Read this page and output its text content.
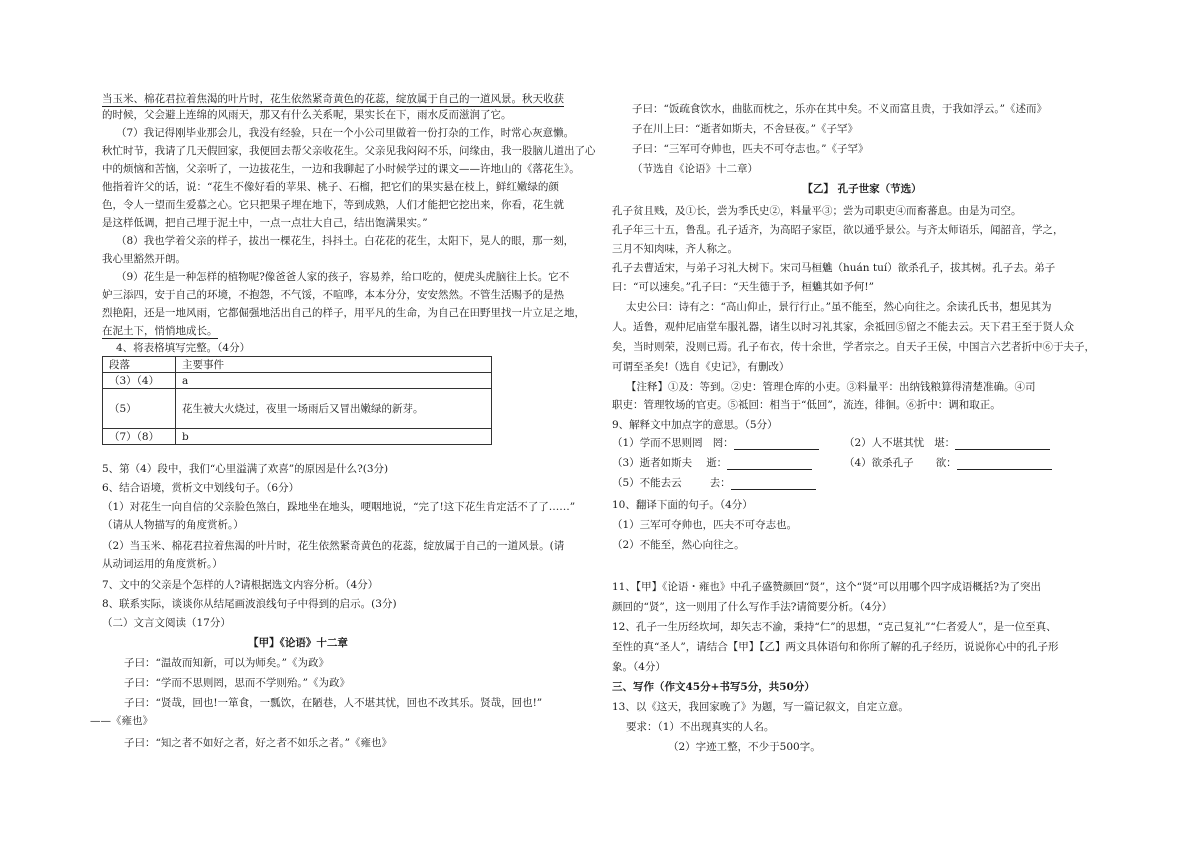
当玉米、棉花君拉着焦渴的叶片时，花生依然紧奇黄色的花蕊，绽放属于自己的一道风景。秋天收获
的时候，父会避上连绵的风雨天，那又有什么关系呢，果实长在下，雨水反而滋润了它。
（7）我记得刚毕业那会儿，我没有经验，只在一个小公司里做着一份打杂的工作，时常心灰意懒。
秋忙时节，我请了几天假回家，我便回去帮父亲收花生。父亲见我闷闷不乐，问缘由，我一股脑儿道出了心
中的烦恼和苦恼，父亲听了，一边拔花生，一边和我聊起了小时候学过的课文——许地山的《落花生》。
他指着许父的话，说：“花生不像好看的苹果、桃子、石榴，把它们的果实悬在枝上，鲜红嫩绿的颜
色，令人一望而生爱慕之心。它只把果子埋在地下，等到成熟，人们才能把它挖出来，你看，花生就
是这样低调，把自己埋于泥土中，一点一点壮大自己，结出饱满果实。”
（8）我也学着父亲的样子，拔出一棵花生，抖抖土。白花花的花生，太阳下，晃人的眼，那一刻，
我心里豁然开朗。
（9）花生是一种怎样的植物呢?像爸爸人家的孩子，容易养，给口吃的，便虎头虎脑往上长。它不
妒三添四，安于自己的环境，不抱怨，不气馁，不喧哗，本本分分，安安然然。不管生活赐予的是热
烈艳阳，还是一地风雨，它都倔强地活出自己的样子，用平凡的生命，为自己在田野里找一片立足之地，
在泥土下，悄悄地成长。
4、将表格填写完整。（4分）
段落	主要事件
（3）（4）	a
（5）	花生被大火烧过，夜里一场雨后又冒出嫩绿的新芽。
（7）（8）	b
5、第（4）段中，我们“心里溢满了欢喜”的原因是什么?(3分)
6、结合语境，赏析文中划线句子。（6分）
（1）对花生一向自信的父亲脸色煞白，跺地坐在地头，哽咽地说，“完了!这下花生肯定活不了了……”
（请从人物描写的角度赏析。）
（2）当玉米、棉花君拉着焦渴的叶片时，花生依然紧奇黄色的花蕊，绽放属于自己的一道风景。(请
从动词运用的角度赏析。）
7、文中的父亲是个怎样的人?请根据选文内容分析。（4分）
8、联系实际，谈谈你从结尾画波浪线句子中得到的启示。(3分)
（二）文言文阅读（17分）
【甲】《论语》十二章
子曰：“温故而知新，可以为师矣。”《为政》
子曰：“学而不思则罔，思而不学则殆。”《为政》
子曰：“贤哉，回也!一箪食，一瓢饮，在陋巷，人不堪其忧，回也不改其乐。贤哉，回也!”
——《雍也》
子曰：“知之者不如好之者，好之者不如乐之者。”《雍也》
子曰：“饭疏食饮水，曲肱而枕之，乐亦在其中矣。不义而富且贵，于我如浮云。”《述而》
子在川上曰：“逝者如斯夫，不舍昼夜。”《子罕》
子曰：“三军可夺帅也，匹夫不可夺志也。”《子罕》
（节选自《论语》十二章）
【乙】 孔子世家（节选）
孔子贫且贱，及①长，尝为季氏史②，料量平③；尝为司职吏④而畜蕃息。由是为司空。
孔子年三十五，鲁乱。孔子适齐，为高昭子家臣，欲以通乎景公。与齐太师语乐，闻韶音，学之，
三月不知肉味，齐人称之。
孔子去曹适宋，与弟子习礼大树下。宋司马桓魋（huán tuí）欲杀孔子，拔其树。孔子去。弟子
曰：“可以速矣。”孔子曰：“天生德于予，桓魋其如予何!”
太史公曰：诗有之：“高山仰止，景行行止。”虽不能至，然心向往之。余读孔氏书，想见其为
人。适鲁，观仲尼庙堂车服礼器，诸生以时习礼其家，余祗回⑤留之不能去云。天下君王至于贤人众
矣，当时则荣，没则已焉。孔子布衣，传十余世，学者宗之。自天子王侯，中国言六艺者折中⑥于夫子，
可谓至圣矣!（选自《史记》，有删改）
【注释】①及：等到。②史：管理仓库的小吏。③料量平：出纳钱粮算得清楚准确。④司
职吏：管理牧场的官吏。⑤祗回：相当于“低回”，流连，徘徊。⑥折中：调和取正。
9、解释文中加点字的意思。（5分）
（1）学而不思则罔 罔：	（2）人不堪其忧 堪：
（3）逝者如斯夫 逝：	（4）欲杀孔子 欲：
（5）不能去云	去：
10、翻译下面的句子。（4分）
（1）三军可夺帅也，匹夫不可夺志也。
（2）不能至，然心向往之。
11、【甲】《论语・雍也》中孔子盛赞颜回“贤”，这个“贤”可以用哪个四字成语概括?为了突出
颜回的“贤”，这一则用了什么写作手法?请简要分析。（4分）
12、孔子一生历经坎坷，却矢志不渝，秉持“仁”的思想，“克己复礼”“仁者爱人”，是一位至真、
至性的真“圣人”，请结合【甲】【乙】两文具体语句和你所了解的孔子经历，说说你心中的孔子形
象。（4分）
三、写作（作文45分+书写5分，共50分）
13、以《这天，我回家晚了》为题，写一篇记叙文，自定立意。
要求：（1）不出现真实的人名。
（2）字迹工整，不少于500字。
